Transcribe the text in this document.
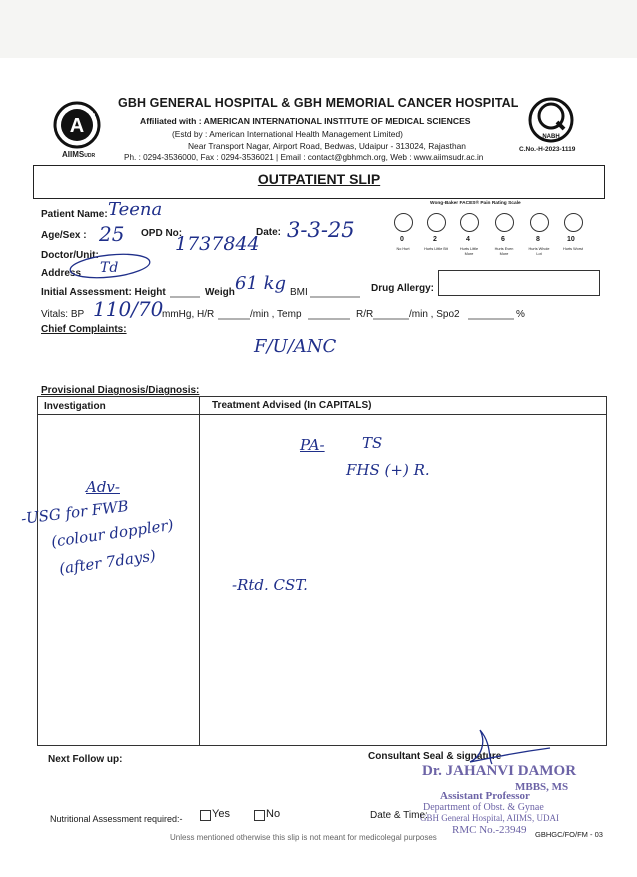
A +
AIIMSUDR
NABH
GBH GENERAL HOSPITAL & GBH MEMORIAL CANCER HOSPITAL
Affiliated with : AMERICAN INTERNATIONAL INSTITUTE OF MEDICAL SCIENCES
(Estd by : American International Health Management Limited)
Near Transport Nagar, Airport Road, Bedwas, Udaipur - 313024, Rajasthan
Ph. : 0294-3536000, Fax : 0294-3536021 | Email : contact@gbhmch.org, Web : www.aiimsudr.ac.in
C.No.-H-2023-1119
OUTPATIENT SLIP
Wong-Baker FACES® Pain Rating Scale
0	2	4	6	8	10
No Hurt	Hurts Little Bit	Hurts Little More
Hurts Even More
Hurts Whole Lot
Hurts Worst
Patient Name: Teena
Age/Sex : 25 OPD No:
1737844
Date: 3-3-25
Doctor/Unit:
Address Td
Initial Assessment: Height	Weigh 61 kg BMI	Drug Allergy:
Vitals: BP 110/70
mmHg, H/R	/min , Temp	R/R	/min , Spo2	%
Chief Complaints:
F/U/ANC
Provisional Diagnosis/Diagnosis:
Investigation	Treatment Advised (In CAPITALS)
Adv-
-USG for FWB
(colour doppler)
(after 7days)
PA- TS
FHS (+) R.
-Rtd. CST.
Next Follow up:	Consultant Seal & signature
Dr. JAHANVI DAMOR
MBBS, MS
Assistant Professor
Department of Obst. & Gynae
GBH General Hospital, AIIMS, UDAI
RMC No.-23949
Nutritional Assessment required:-	Yes	No	Date & Time:
Unless mentioned otherwise this slip is not meant for medicolegal purposes	GBHGC/FO/FM - 03
